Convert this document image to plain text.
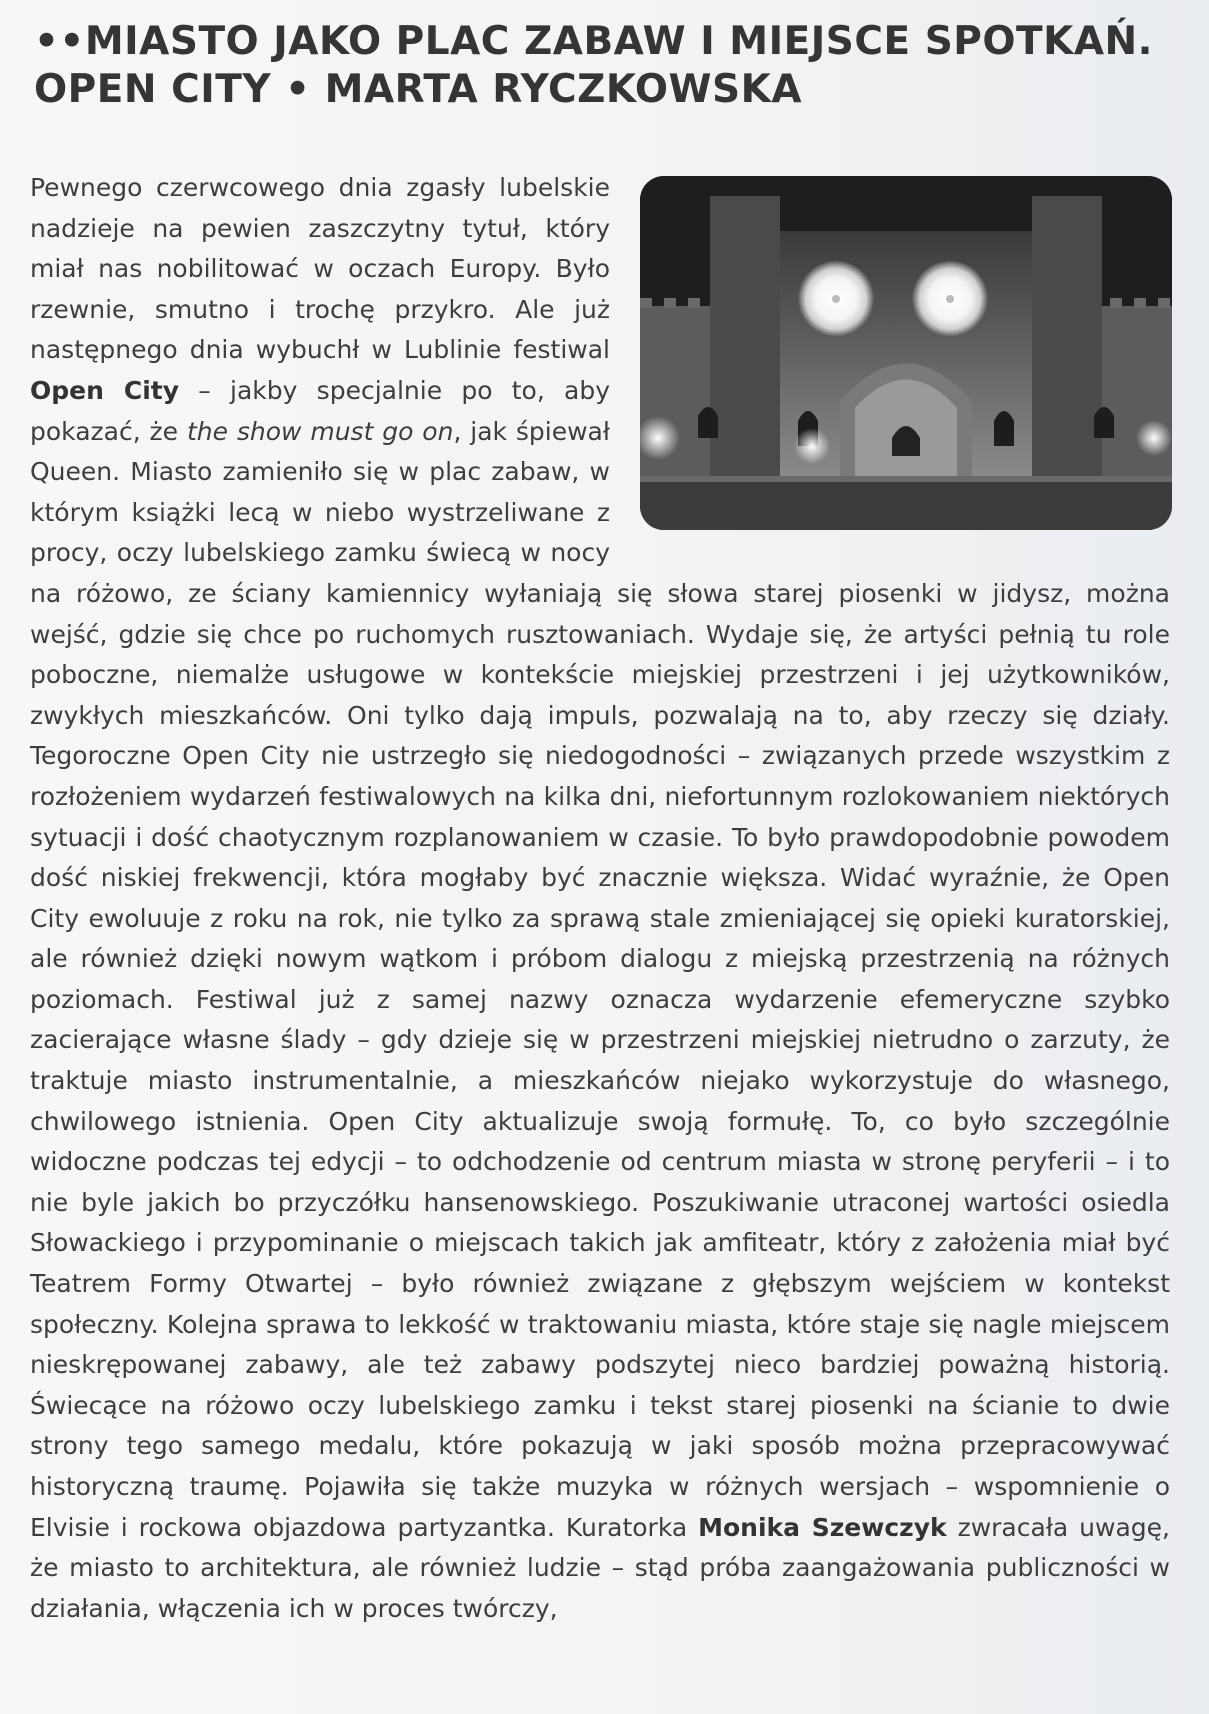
••MIASTO JAKO PLAC ZABAW I MIEJSCE SPOTKAŃ.
OPEN CITY • MARTA RYCZKOWSKA

Pewnego czerwcowego dnia zgasły lubelskie nadzieje na pewien zaszczytny tytuł, który miał nas nobilitować w oczach Europy. Było rzewnie, smutno i trochę przykro. Ale już następnego dnia wybuchł w Lublinie festiwal Open City – jakby specjalnie po to, aby pokazać, że the show must go on, jak śpiewał Queen. Miasto zamieniło się w plac zabaw, w którym książki lecą w niebo wystrzeliwane z procy, oczy lubelskiego zamku świecą w nocy na różowo, ze ściany kamiennicy wyłaniają się słowa starej piosenki w jidysz, można wejść, gdzie się chce po ruchomych rusztowaniach. Wydaje się, że artyści pełnią tu role poboczne, niemalże usługowe w kontekście miejskiej przestrzeni i jej użytkowników, zwykłych mieszkańców. Oni tylko dają impuls, pozwalają na to, aby rzeczy się działy. Tegoroczne Open City nie ustrzegło się niedogodności – związanych przede wszystkim z rozłożeniem wydarzeń festiwalowych na kilka dni, niefortunnym rozlokowaniem niektórych sytuacji i dość chaotycznym rozplanowaniem w czasie. To było prawdopodobnie powodem dość niskiej frekwencji, która mogłaby być znacznie większa. Widać wyraźnie, że Open City ewoluuje z roku na rok, nie tylko za sprawą stale zmieniającej się opieki kuratorskiej, ale również dzięki nowym wątkom i próbom dialogu z miejską przestrzenią na różnych poziomach. Festiwal już z samej nazwy oznacza wydarzenie efemeryczne szybko zacierające własne ślady – gdy dzieje się w przestrzeni miejskiej nietrudno o zarzuty, że traktuje miasto instrumentalnie, a mieszkańców niejako wykorzystuje do własnego, chwilowego istnienia. Open City aktualizuje swoją formułę. To, co było szczególnie widoczne podczas tej edycji – to odchodzenie od centrum miasta w stronę peryferii – i to nie byle jakich bo przyczółku hansenowskiego. Poszukiwanie utraconej wartości osiedla Słowackiego i przypominanie o miejscach takich jak amfiteatr, który z założenia miał być Teatrem Formy Otwartej – było również związane z głębszym wejściem w kontekst społeczny. Kolejna sprawa to lekkość w traktowaniu miasta, które staje się nagle miejscem nieskrępowanej zabawy, ale też zabawy podszytej nieco bardziej poważną historią. Świecące na różowo oczy lubelskiego zamku i tekst starej piosenki na ścianie to dwie strony tego samego medalu, które pokazują w jaki sposób można przepracowywać historyczną traumę. Pojawiła się także muzyka w różnych wersjach – wspomnienie o Elvisie i rockowa objazdowa partyzantka. Kuratorka Monika Szewczyk zwracała uwagę, że miasto to architektura, ale również ludzie – stąd próba zaangażowania publiczności w działania, włączenia ich w proces twórczy,
